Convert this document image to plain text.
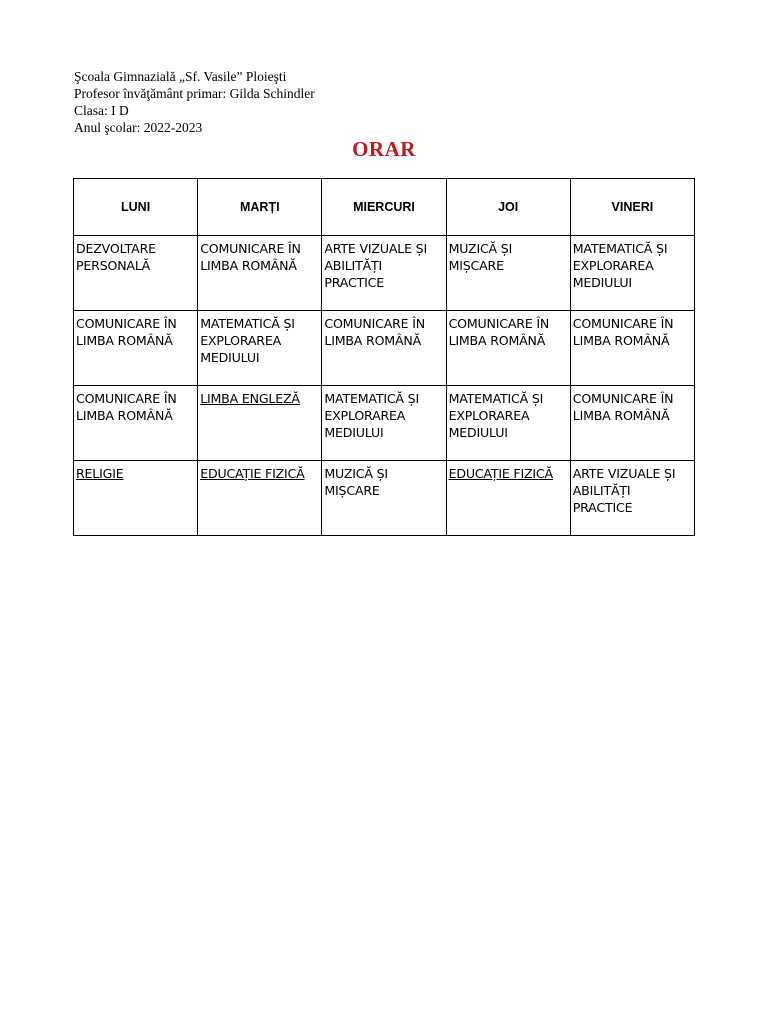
Şcoala Gimnazială „Sf. Vasile” Ploieşti
Profesor învăţământ primar: Gilda Schindler
Clasa: I D
Anul şcolar: 2022-2023
ORAR
LUNI	MARȚI	MIERCURI	JOI	VINERI
DEZVOLTARE PERSONALĂ	COMUNICARE ÎN LIMBA ROMÂNĂ	ARTE VIZUALE ȘI ABILITĂȚI PRACTICE	MUZICĂ ȘI MIȘCARE	MATEMATICĂ ȘI EXPLORAREA MEDIULUI
COMUNICARE ÎN LIMBA ROMÂNĂ	MATEMATICĂ ȘI EXPLORAREA MEDIULUI	COMUNICARE ÎN LIMBA ROMÂNĂ	COMUNICARE ÎN LIMBA ROMÂNĂ	COMUNICARE ÎN LIMBA ROMÂNĂ
COMUNICARE ÎN LIMBA ROMÂNĂ	LIMBA ENGLEZĂ	MATEMATICĂ ȘI EXPLORAREA MEDIULUI	MATEMATICĂ ȘI EXPLORAREA MEDIULUI	COMUNICARE ÎN LIMBA ROMÂNĂ
RELIGIE	EDUCAȚIE FIZICĂ	MUZICĂ ȘI MIȘCARE	EDUCAȚIE FIZICĂ	ARTE VIZUALE ȘI ABILITĂȚI PRACTICE
